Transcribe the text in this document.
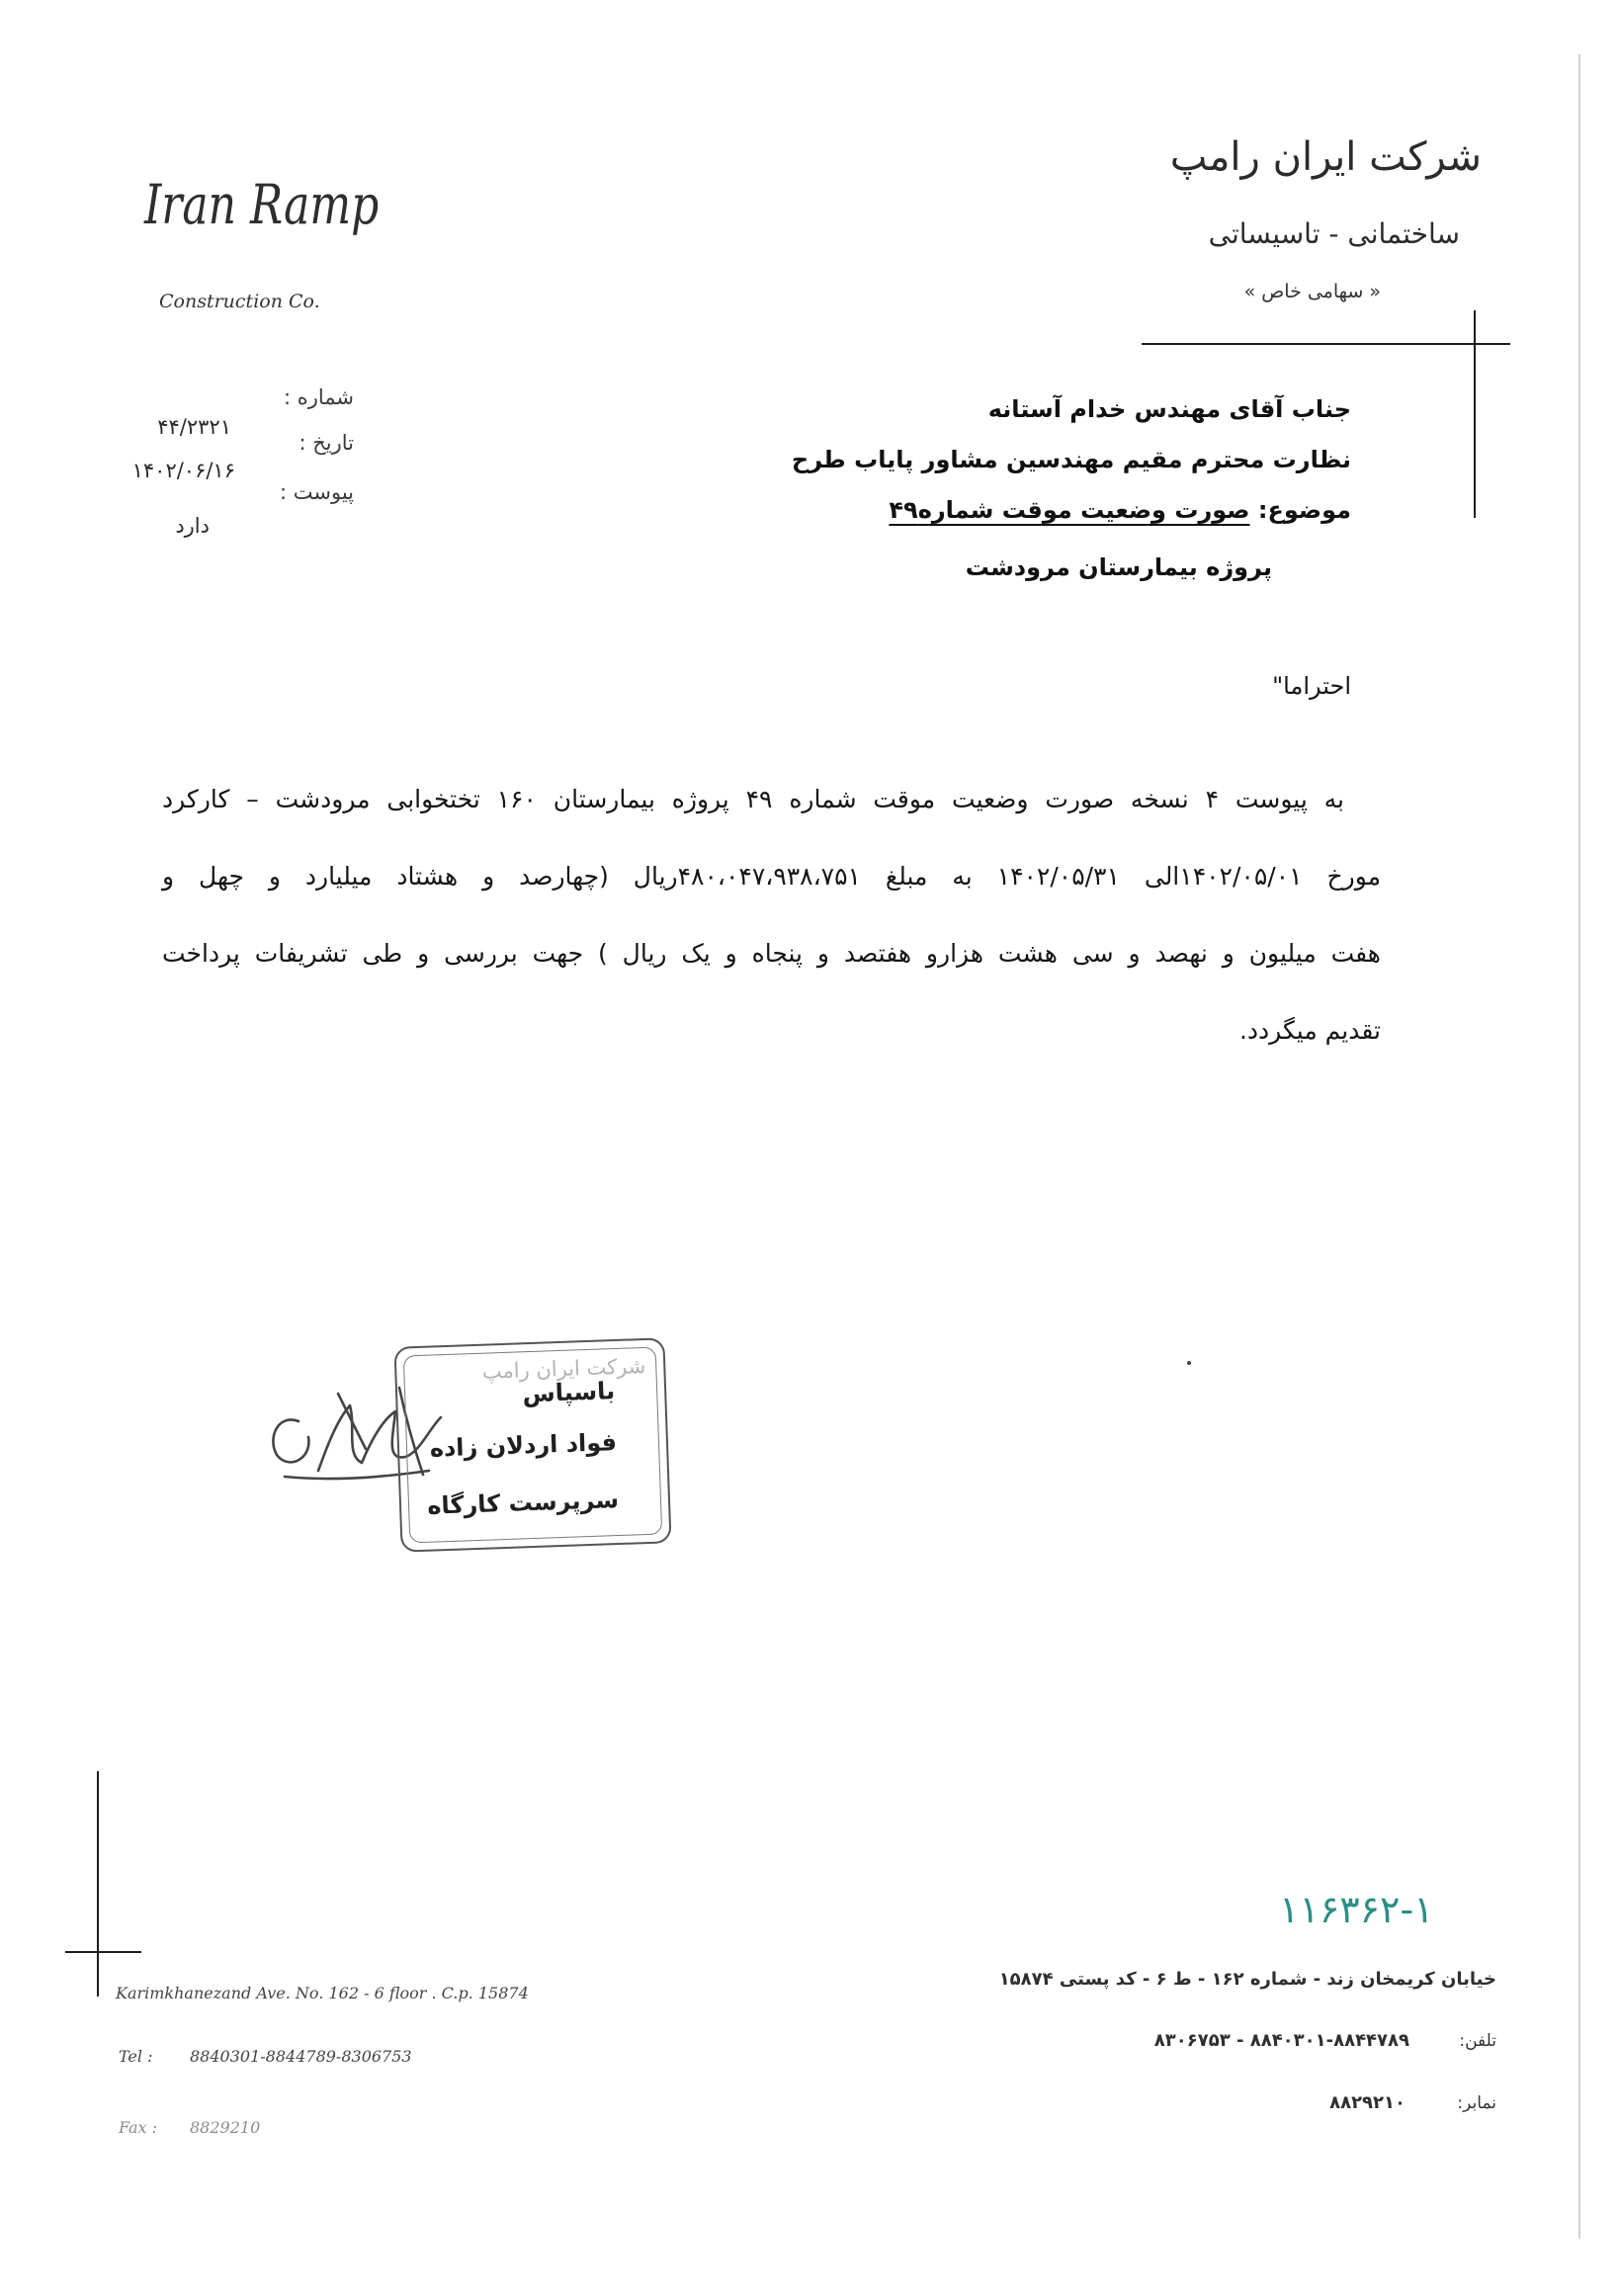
Iran Ramp
Construction Co.
شرکت ایران رامپ
ساختمانی - تاسیساتی
« سهامی خاص »
شماره :
تاریخ :
پیوست :
۴۴/۲۳۲۱
۱۴۰۲/۰۶/۱۶
دارد
جناب آقای مهندس خدام آستانه
نظارت محترم مقیم مهندسین مشاور پایاب طرح
موضوع: صورت وضعیت موقت شماره۴۹
پروژه بیمارستان مرودشت
احتراما"
به پیوست ۴ نسخه صورت وضعیت موقت شماره ۴۹ پروژه بیمارستان ۱۶۰ تختخوابی مرودشت – کارکرد
مورخ ۱۴۰۲/۰۵/۰۱الی ۱۴۰۲/۰۵/۳۱ به مبلغ ۴۸۰،۰۴۷،۹۳۸،۷۵۱ریال (چهارصد و هشتاد میلیارد و چهل و
هفت میلیون و نهصد و سی هشت هزارو هفتصد و پنجاه و یک ریال ) جهت بررسی و طی تشریفات پرداخت
تقدیم میگردد.
شرکت ایران رامپ
باسپاس
فواد اردلان زاده
سرپرست کارگاه
۱۱۶۳۶۲-۱
Karimkhanezand Ave. No. 162 - 6 floor . C.p. 15874
Tel : 8840301-8844789-8306753
Fax : 8829210
خیابان کریمخان زند - شماره ۱۶۲ - ط ۶ - کد پستی ۱۵۸۷۴
تلفن:
۸۸۴۰۳۰۱-۸۸۴۴۷۸۹ - ۸۳۰۶۷۵۳
نمابر:
۸۸۲۹۲۱۰
